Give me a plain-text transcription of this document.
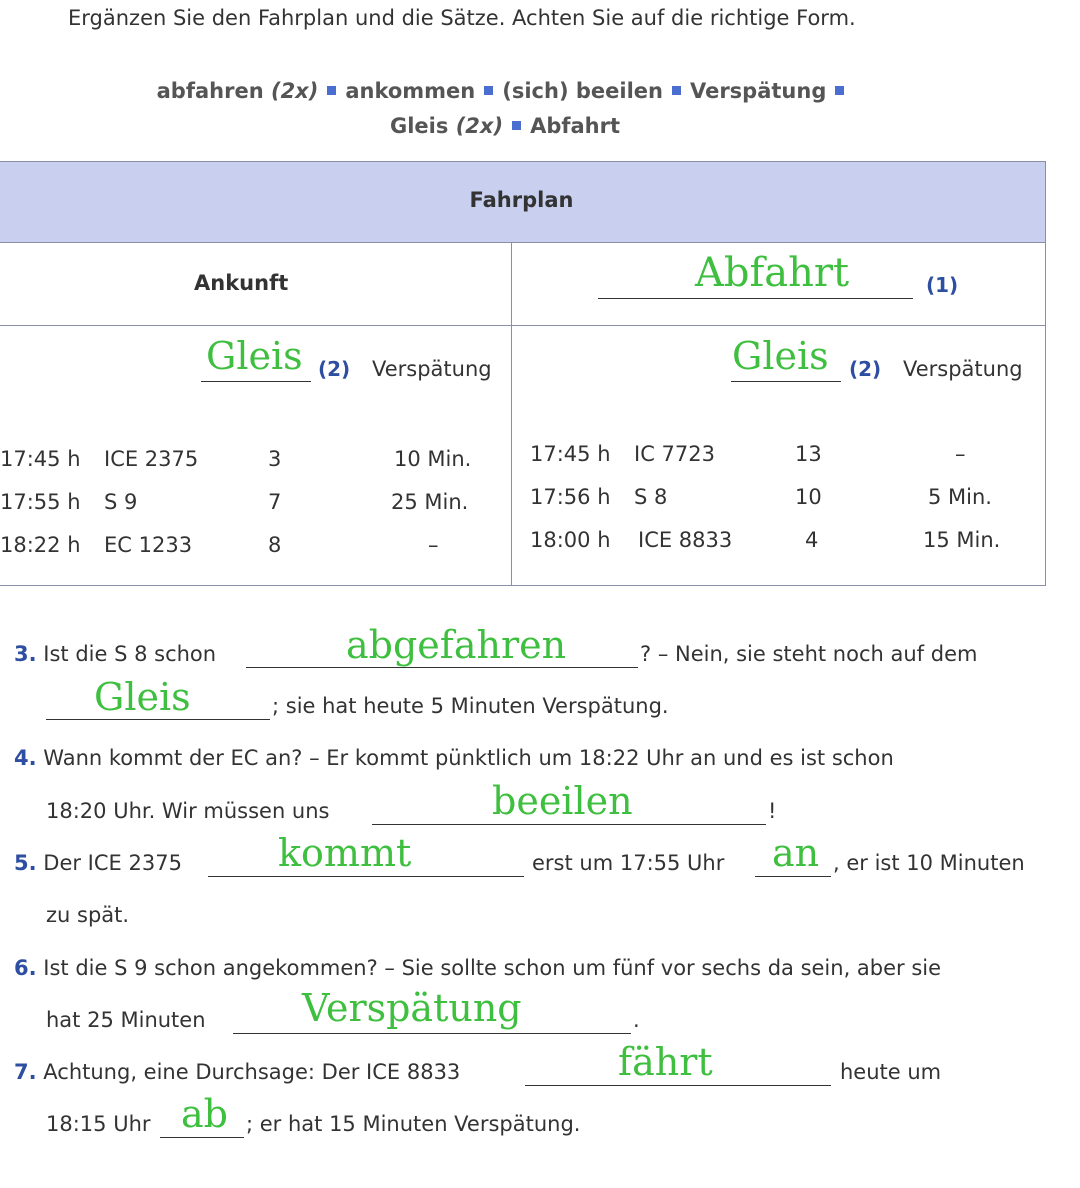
Ergänzen Sie den Fahrplan und die Sätze. Achten Sie auf die richtige Form.
abfahren (2x) ankommen (sich) beeilen Verspätung
Gleis (2x) Abfahrt
Fahrplan
Ankunft	Abfahrt	(1)
Gleis (2) Verspätung	Gleis (2) Verspätung
17:45 h ICE 2375	3	10 Min.
17:55 h S 9	7	25 Min.
18:22 h EC 1233	8	–
17:45 h IC 7723	13	–
17:56 h S 8	10	5 Min.
18:00 h ICE 8833	4	15 Min.
3. Ist die S 8 schon	abgefahren	? – Nein, sie steht noch auf dem
Gleis	; sie hat heute 5 Minuten Verspätung.
4. Wann kommt der EC an? – Er kommt pünktlich um 18:22 Uhr an und es ist schon
18:20 Uhr. Wir müssen uns	beeilen	!
5. Der ICE 2375	kommt	erst um 17:55 Uhr an , er ist 10 Minuten
zu spät.
6. Ist die S 9 schon angekommen? – Sie sollte schon um fünf vor sechs da sein, aber sie
hat 25 Minuten	Verspätung	.
7. Achtung, eine Durchsage: Der ICE 8833	fährt	heute um
18:15 Uhr ab ; er hat 15 Minuten Verspätung.
